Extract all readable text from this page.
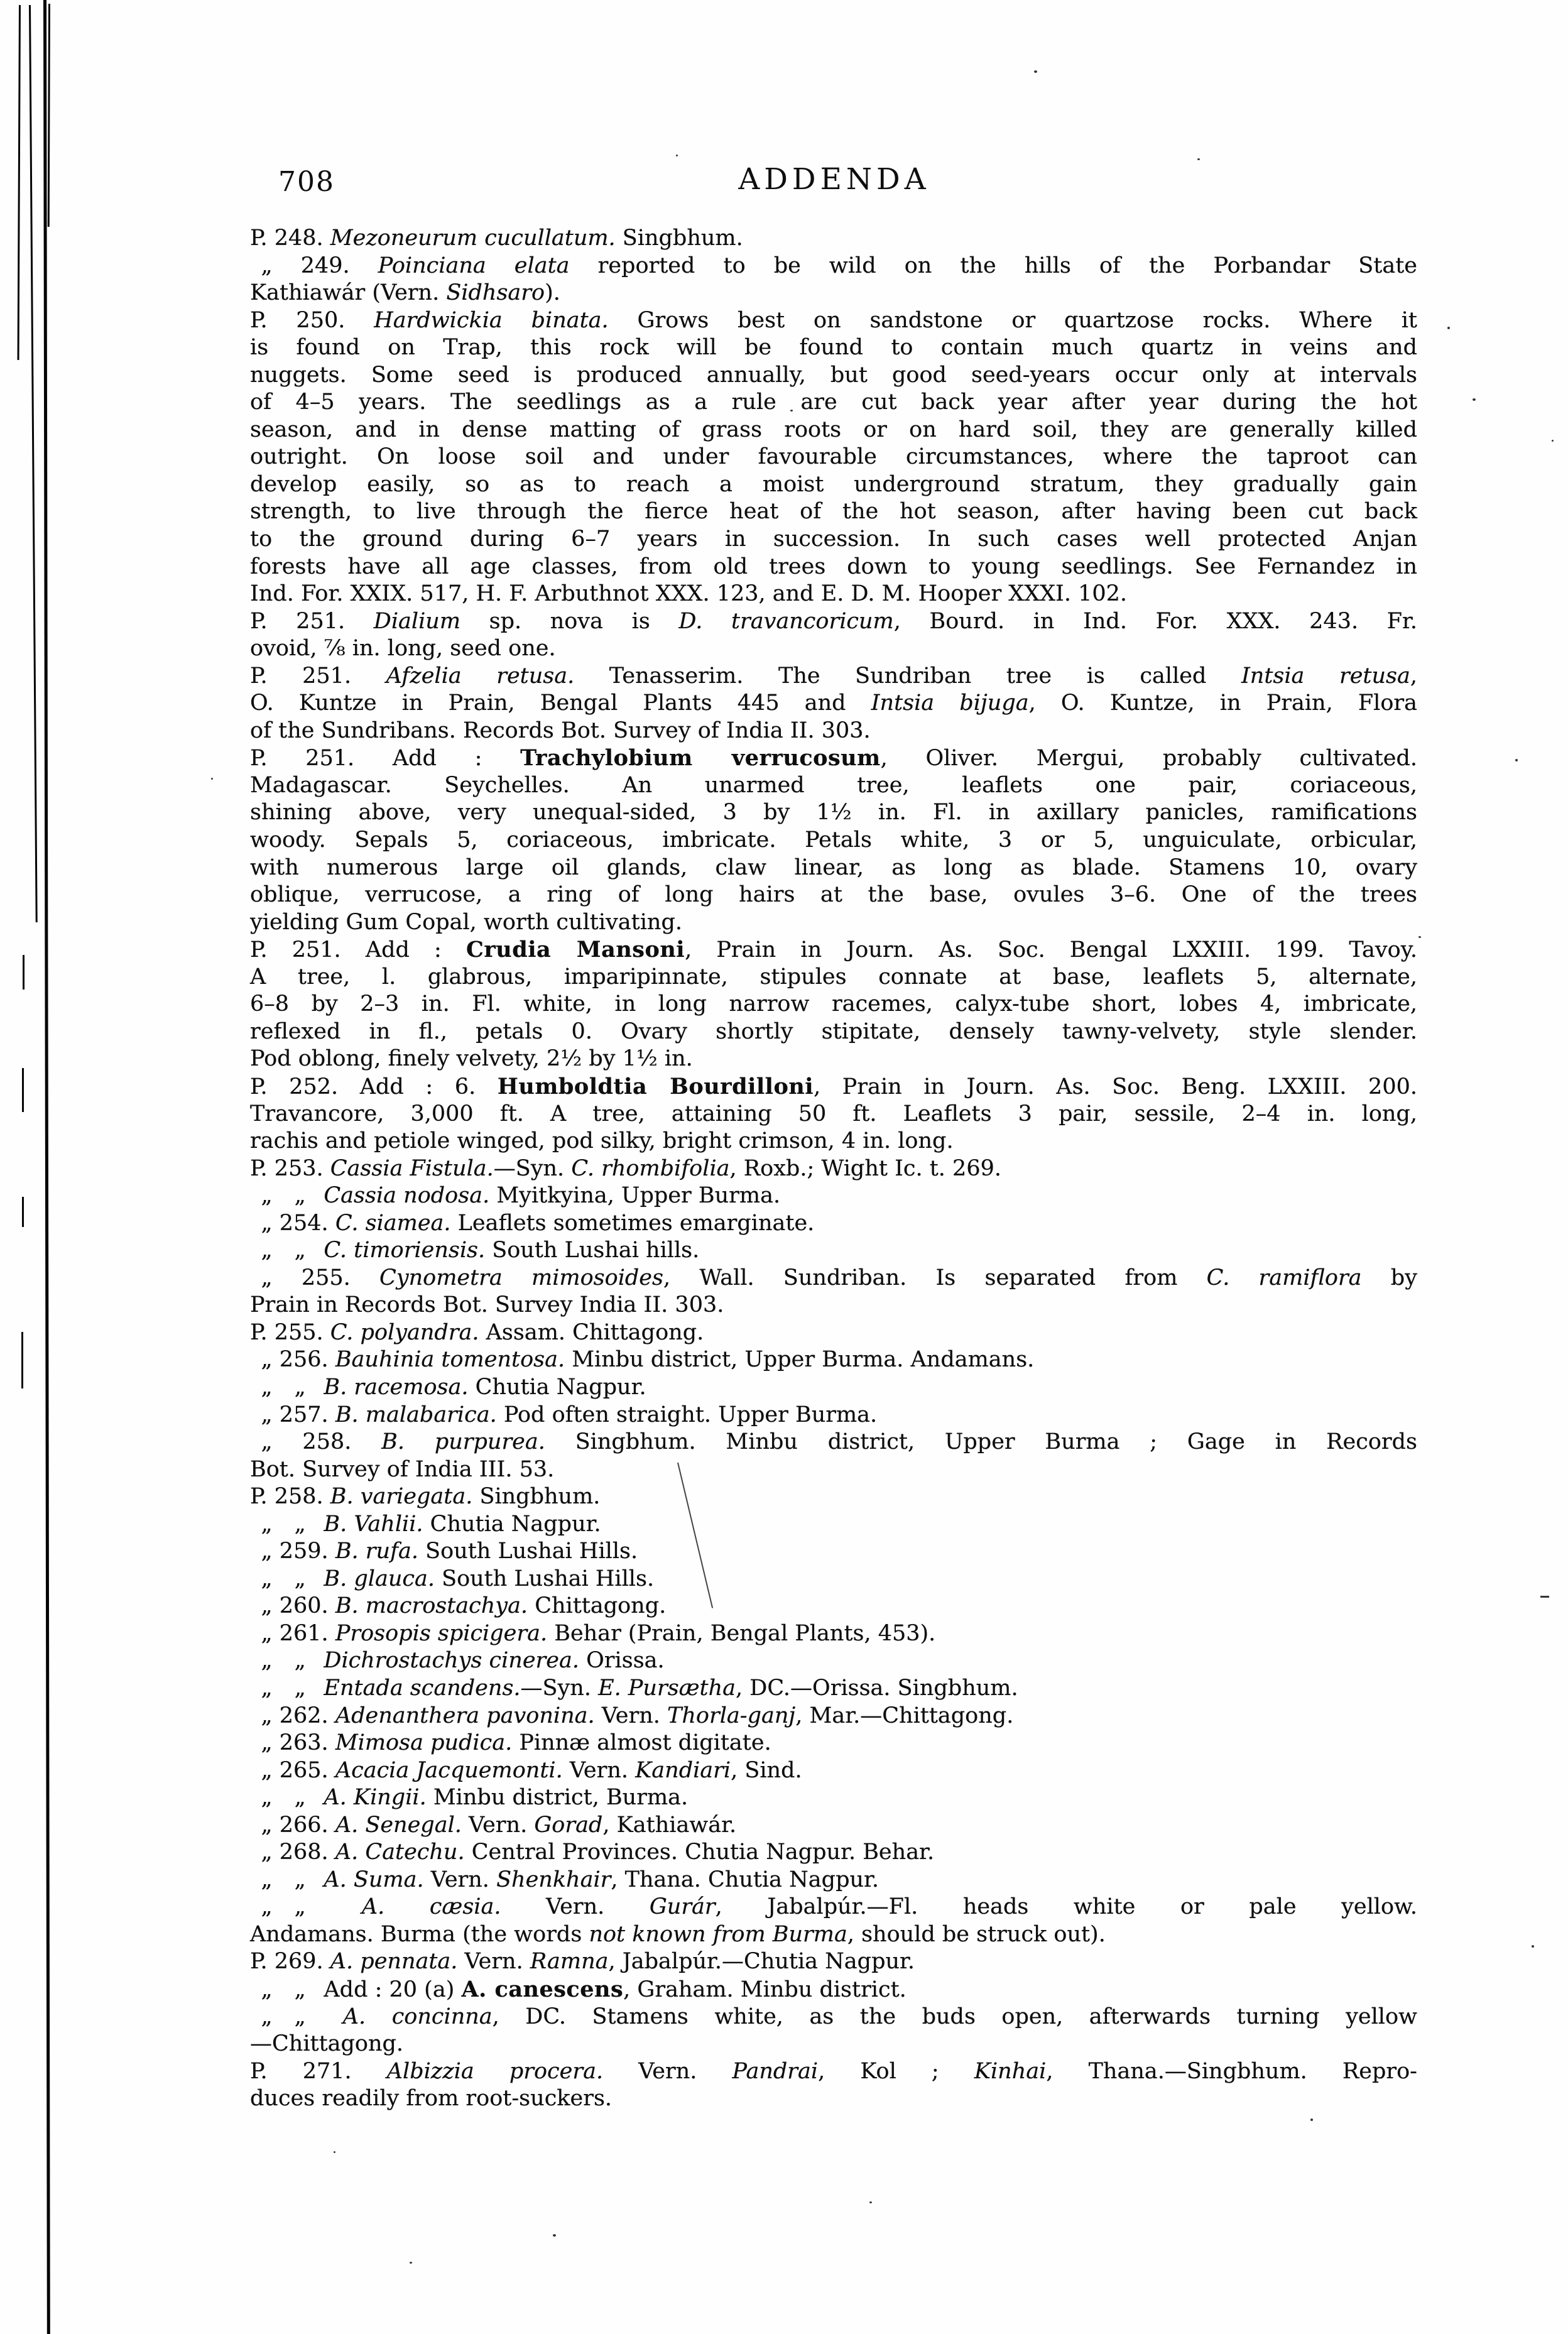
708	ADDENDA
P. 248. Mezoneurum cucullatum. Singbhum.
 „ 249. Poinciana elata reported to be wild on the hills of the Porbandar State
Kathiawár (Vern. Sidhsaro).
P. 250. Hardwickia binata. Grows best on sandstone or quartzose rocks. Where it
is found on Trap, this rock will be found to contain much quartz in veins and
nuggets. Some seed is produced annually, but good seed-years occur only at intervals
of 4–5 years. The seedlings as a rule are cut back year after year during the hot
season, and in dense matting of grass roots or on hard soil, they are generally killed
outright. On loose soil and under favourable circumstances, where the taproot can
develop easily, so as to reach a moist underground stratum, they gradually gain
strength, to live through the fierce heat of the hot season, after having been cut back
to the ground during 6–7 years in succession. In such cases well protected Anjan
forests have all age classes, from old trees down to young seedlings. See Fernandez in
Ind. For. XXIX. 517, H. F. Arbuthnot XXX. 123, and E. D. M. Hooper XXXI. 102.
P. 251. Dialium sp. nova is D. travancoricum, Bourd. in Ind. For. XXX. 243. Fr.
ovoid, ⅞ in. long, seed one.
P. 251. Afzelia retusa. Tenasserim. The Sundriban tree is called Intsia retusa,
O. Kuntze in Prain, Bengal Plants 445 and Intsia bijuga, O. Kuntze, in Prain, Flora
of the Sundribans. Records Bot. Survey of India II. 303.
P. 251. Add : Trachylobium verrucosum, Oliver. Mergui, probably cultivated.
Madagascar. Seychelles. An unarmed tree, leaflets one pair, coriaceous,
shining above, very unequal-sided, 3 by 1½ in. Fl. in axillary panicles, ramifications
woody. Sepals 5, coriaceous, imbricate. Petals white, 3 or 5, unguiculate, orbicular,
with numerous large oil glands, claw linear, as long as blade. Stamens 10, ovary
oblique, verrucose, a ring of long hairs at the base, ovules 3–6. One of the trees
yielding Gum Copal, worth cultivating.
P. 251. Add : Crudia Mansoni, Prain in Journ. As. Soc. Bengal LXXIII. 199. Tavoy.
A tree, l. glabrous, imparipinnate, stipules connate at base, leaflets 5, alternate,
6–8 by 2–3 in. Fl. white, in long narrow racemes, calyx-tube short, lobes 4, imbricate,
reflexed in fl., petals 0. Ovary shortly stipitate, densely tawny-velvety, style slender.
Pod oblong, finely velvety, 2½ by 1½ in.
P. 252. Add : 6. Humboldtia Bourdilloni, Prain in Journ. As. Soc. Beng. LXXIII. 200.
Travancore, 3,000 ft. A tree, attaining 50 ft. Leaflets 3 pair, sessile, 2–4 in. long,
rachis and petiole winged, pod silky, bright crimson, 4 in. long.
P. 253. Cassia Fistula.—Syn. C. rhombifolia, Roxb.; Wight Ic. t. 269.
 „ „  Cassia nodosa. Myitkyina, Upper Burma.
 „ 254. C. siamea. Leaflets sometimes emarginate.
 „ „  C. timoriensis. South Lushai hills.
 „ 255. Cynometra mimosoides, Wall. Sundriban. Is separated from C. ramiflora by
Prain in Records Bot. Survey India II. 303.
P. 255. C. polyandra. Assam. Chittagong.
 „ 256. Bauhinia tomentosa. Minbu district, Upper Burma. Andamans.
 „ „  B. racemosa. Chutia Nagpur.
 „ 257. B. malabarica. Pod often straight. Upper Burma.
 „ 258. B. purpurea. Singbhum. Minbu district, Upper Burma ; Gage in Records
Bot. Survey of India III. 53.
P. 258. B. variegata. Singbhum.
 „ „  B. Vahlii. Chutia Nagpur.
 „ 259. B. rufa. South Lushai Hills.
 „ „  B. glauca. South Lushai Hills.
 „ 260. B. macrostachya. Chittagong.
 „ 261. Prosopis spicigera. Behar (Prain, Bengal Plants, 453).
 „ „  Dichrostachys cinerea. Orissa.
 „ „  Entada scandens.—Syn. E. Pursætha, DC.—Orissa. Singbhum.
 „ 262. Adenanthera pavonina. Vern. Thorla-ganj, Mar.—Chittagong.
 „ 263. Mimosa pudica. Pinnæ almost digitate.
 „ 265. Acacia Jacquemonti. Vern. Kandiari, Sind.
 „ „  A. Kingii. Minbu district, Burma.
 „ 266. A. Senegal. Vern. Gorad, Kathiawár.
 „ 268. A. Catechu. Central Provinces. Chutia Nagpur. Behar.
 „ „  A. Suma. Vern. Shenkhair, Thana. Chutia Nagpur.
 „ „  A. cæsia. Vern. Gurár, Jabalpúr.—Fl. heads white or pale yellow.
Andamans. Burma (the words not known from Burma, should be struck out).
P. 269. A. pennata. Vern. Ramna, Jabalpúr.—Chutia Nagpur.
 „ „  Add : 20 (a) A. canescens, Graham. Minbu district.
 „ „  A. concinna, DC. Stamens white, as the buds open, afterwards turning yellow
—Chittagong.
P. 271. Albizzia procera. Vern. Pandrai, Kol ; Kinhai, Thana.—Singbhum. Repro-
duces readily from root-suckers.
